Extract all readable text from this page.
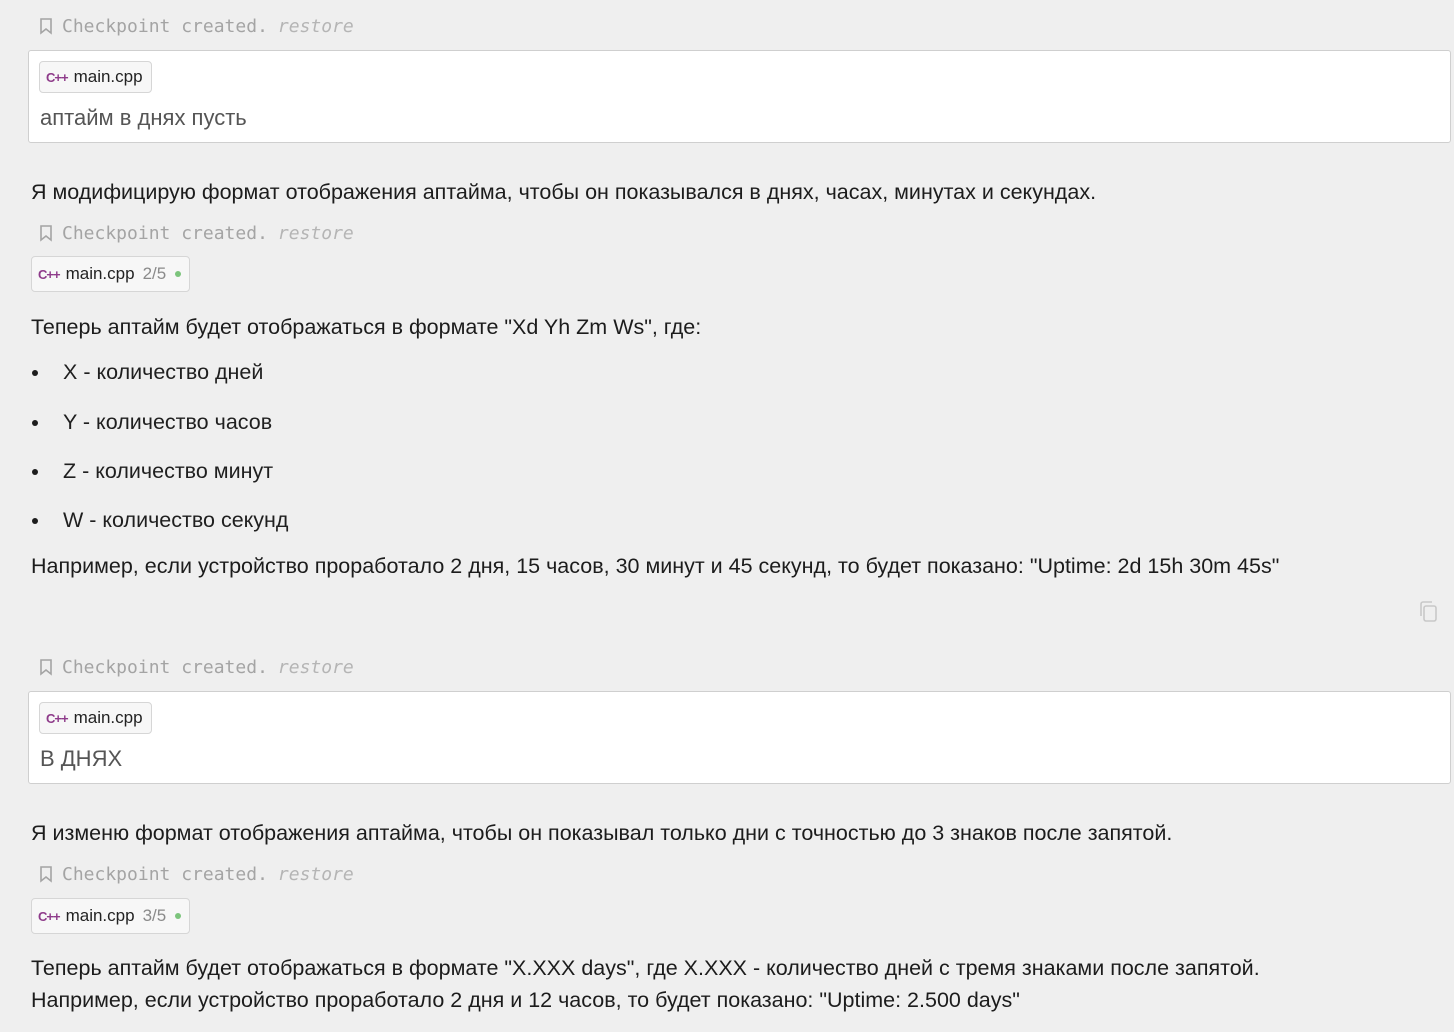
Checkpoint created. restore
C++ main.cpp
аптайм в днях пусть
Я модифицирую формат отображения аптайма, чтобы он показывался в днях, часах, минутах и секундах.
Checkpoint created. restore
C++ main.cpp 2/5
Теперь аптайм будет отображаться в формате "Xd Yh Zm Ws", где:
X - количество дней
Y - количество часов
Z - количество минут
W - количество секунд
Например, если устройство проработало 2 дня, 15 часов, 30 минут и 45 секунд, то будет показано: "Uptime: 2d 15h 30m 45s"
Checkpoint created. restore
C++ main.cpp
В ДНЯХ
Я изменю формат отображения аптайма, чтобы он показывал только дни с точностью до 3 знаков после запятой.
Checkpoint created. restore
C++ main.cpp 3/5
Теперь аптайм будет отображаться в формате "X.XXX days", где X.XXX - количество дней с тремя знаками после запятой.
Например, если устройство проработало 2 дня и 12 часов, то будет показано: "Uptime: 2.500 days"
